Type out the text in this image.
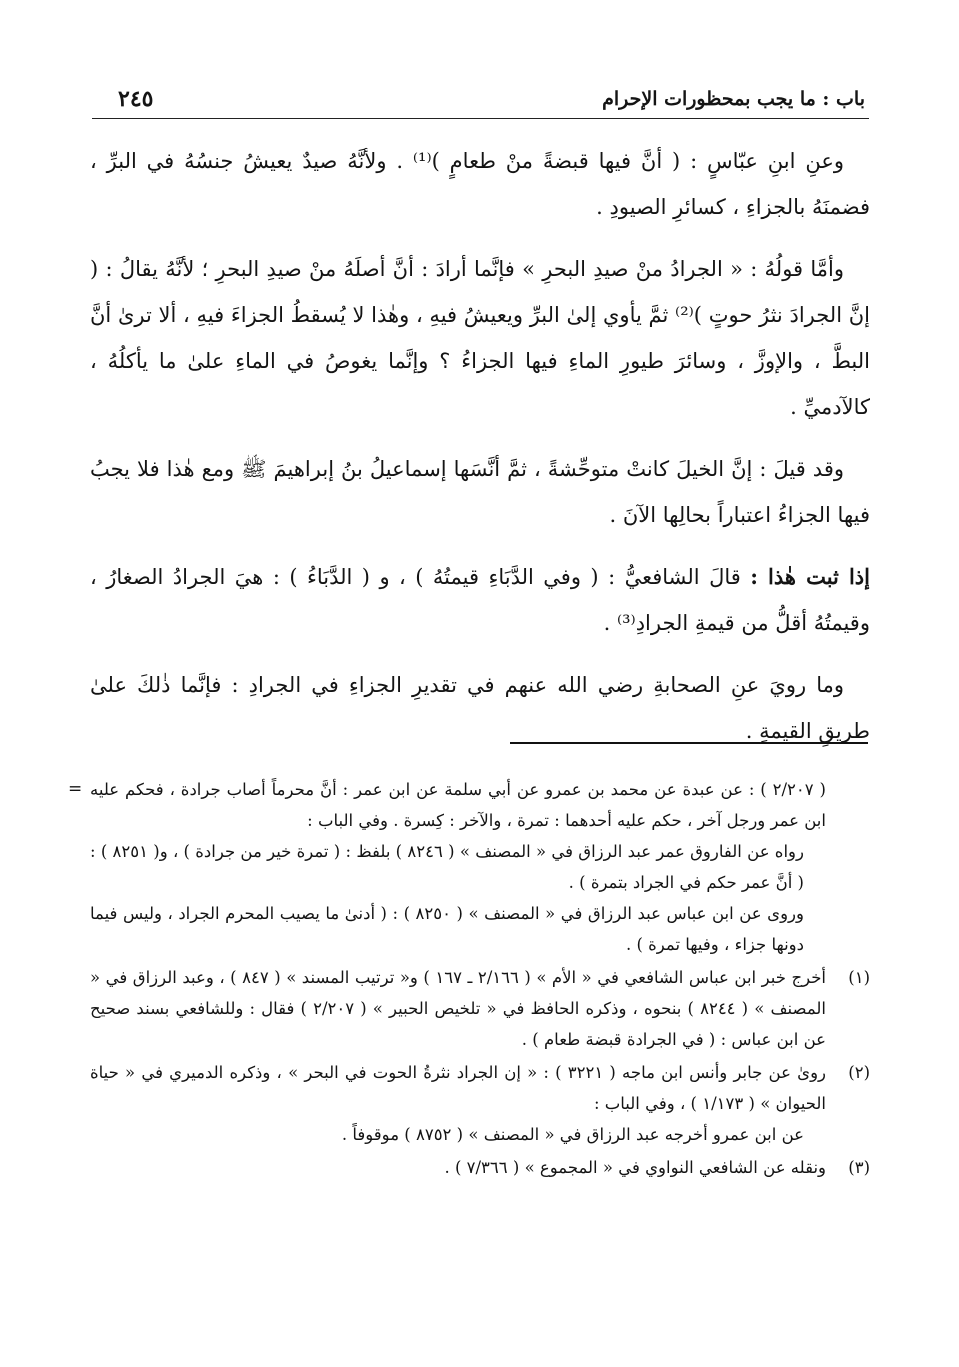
باب : ما يجب بمحظورات الإحرام
٢٤٥

وعنِ ابنِ عبّاسٍ : ( أنَّ فيها قبضةً منْ طعامٍ )⁽¹⁾ . ولأنَّهُ صيدٌ يعيشُ جنسُهُ في البرِّ ، فضمنَهُ بالجزاءِ ، كسائرِ الصيودِ .

وأمَّا قولُهُ : « الجرادُ منْ صيدِ البحرِ » فإنَّما أرادَ : أنَّ أصلَهُ منْ صيدِ البحرِ ؛ لأنَّهُ يقالُ : ( إنَّ الجرادَ نثرُ حوتٍ )⁽²⁾ ثمَّ يأوي إلىٰ البرِّ ويعيشُ فيهِ ، وهٰذا لا يُسقطُ الجزاءَ فيهِ ، ألا ترىٰ أنَّ البطَّ ، والإوزَّ ، وسائرَ طيورِ الماءِ فيها الجزاءُ ؟ وإنَّما يغوصُ في الماءِ علىٰ ما يأكلُهُ ، كالآدميِّ .

وقد قيلَ : إنَّ الخيلَ كانتْ متوحِّشةً ، ثمَّ أنَّسَها إسماعيلُ بنُ إبراهيمَ ﷺ ومع هٰذا فلا يجبُ فيها الجزاءُ اعتباراً بحالِها الآنَ .

إذا ثبت هٰذا : قالَ الشافعيُّ : ( وفي الدَّبَاءِ قيمتُهُ ) ، و ( الدَّبَاءُ ) : هيَ الجرادُ الصغارُ ، وقيمتُهُ أقلُّ من قيمةِ الجرادِ⁽³⁾ .

وما رويَ عنِ الصحابةِ رضي الله عنهم في تقديرِ الجزاءِ في الجرادِ : فإنَّما ذٰلكَ علىٰ طريقِ القيمةِ .

= ( ٢/٢٠٧ ) : عن عبدة عن محمد بن عمرو عن أبي سلمة عن ابن عمر : أنَّ محرماً أصاب جرادة ، فحكم عليه ابن عمر ورجل آخر ، حكم عليه أحدهما : تمرة ، والآخر : كِسرة . وفي الباب :
رواه عن الفاروق عمر عبد الرزاق في « المصنف » ( ٨٢٤٦ ) بلفظ : ( تمرة خير من جرادة ) ، و( ٨٢٥١ ) : ( أنَّ عمر حكم في الجراد بتمرة ) .
وروى عن ابن عباس عبد الرزاق في « المصنف » ( ٨٢٥٠ ) : ( أدنىٰ ما يصيب المحرم الجراد ، وليس فيما دونها جزاء ، وفيها تمرة ) .
(١)
أخرج خبر ابن عباس الشافعي في « الأم » ( ٢/١٦٦ ـ ١٦٧ ) و« ترتيب المسند » ( ٨٤٧ ) ، وعبد الرزاق في « المصنف » ( ٨٢٤٤ ) بنحوه ، وذكره الحافظ في « تلخيص الحبير » ( ٢/٢٠٧ ) فقال : وللشافعي بسند صحيح عن ابن عباس : ( في الجرادة قبضة طعام ) .
(٢)
رویٰ عن جابر وأنس ابن ماجه ( ٣٢٢١ ) : « إن الجراد نثرةُ الحوت في البحر » ، وذكره الدميري في « حياة الحيوان » ( ١/١٧٣ ) ، وفي الباب :
عن ابن عمرو أخرجه عبد الرزاق في « المصنف » ( ٨٧٥٢ ) موقوفاً .
(٣)
ونقله عن الشافعي النواوي في « المجموع » ( ٧/٣٦٦ ) .
